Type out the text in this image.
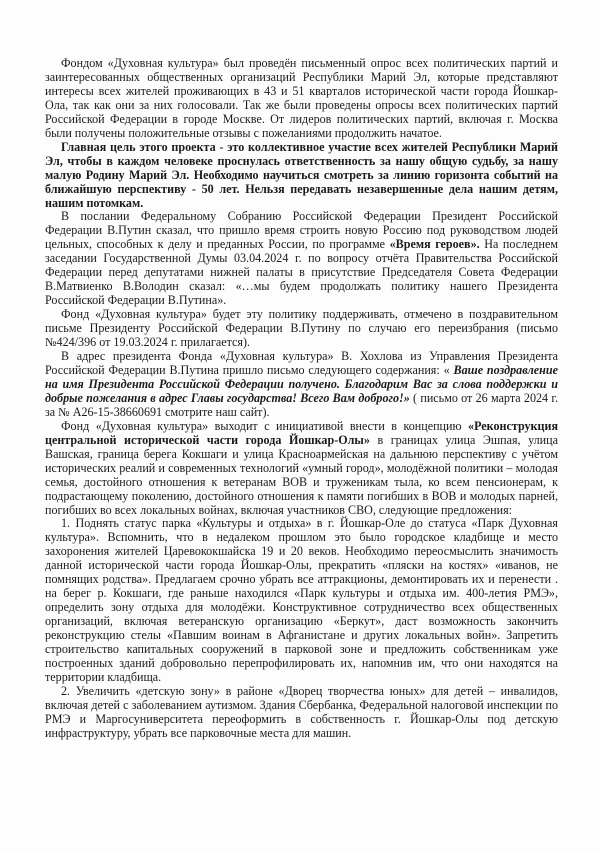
Фондом «Духовная культура» был проведён письменный опрос всех политических партий и заинтересованных общественных организаций Республики Марий Эл, которые представляют интересы всех жителей проживающих в 43 и 51 кварталов исторической части города Йошкар-Ола, так как они за них голосовали. Так же были проведены опросы всех политических партий Российской Федерации в городе Москве. От лидеров политических партий, включая г. Москва были получены положительные отзывы с пожеланиями продолжить начатое.

Главная цель этого проекта - это коллективное участие всех жителей Республики Марий Эл, чтобы в каждом человеке проснулась ответственность за нашу общую судьбу, за нашу малую Родину Марий Эл. Необходимо научиться смотреть за линию горизонта событий на ближайшую перспективу - 50 лет. Нельзя передавать незавершенные дела нашим детям, нашим потомкам.

В послании Федеральному Собранию Российской Федерации Президент Российской Федерации В.Путин сказал, что пришло время строить новую Россию под руководством людей цельных, способных к делу и преданных России, по программе «Время героев». На последнем заседании Государственной Думы 03.04.2024 г. по вопросу отчёта Правительства Российской Федерации перед депутатами нижней палаты в присутствие Председателя Совета Федерации В.Матвиенко В.Володин сказал: «…мы будем продолжать политику нашего Президента Российской Федерации В.Путина».

Фонд «Духовная культура» будет эту политику поддерживать, отмечено в поздравительном письме Президенту Российской Федерации В.Путину по случаю его переизбрания (письмо №424/396 от 19.03.2024 г. прилагается).

В адрес президента Фонда «Духовная культура» В. Хохлова из Управления Президента Российской Федерации В.Путина пришло письмо следующего содержания: « Ваше поздравление на имя Президента Российской Федерации получено. Благодарим Вас за слова поддержки и добрые пожелания в адрес Главы государства! Всего Вам доброго!» ( письмо от 26 марта 2024 г. за № А26-15-38660691 смотрите наш сайт).

Фонд «Духовная культура» выходит с инициативой внести в концепцию «Реконструкция центральной исторической части города Йошкар-Олы» в границах улица Эшпая, улица Вашская, граница берега Кокшаги и улица Красноармейская на дальнюю перспективу с учётом исторических реалий и современных технологий «умный город», молодёжной политики – молодая семья, достойного отношения к ветеранам ВОВ и труженикам тыла, ко всем пенсионерам, к подрастающему поколению, достойного отношения к памяти погибших в ВОВ и молодых парней, погибших во всех локальных войнах, включая участников СВО, следующие предложения:

1. Поднять статус парка «Культуры и отдыха» в г. Йошкар-Оле до статуса «Парк Духовная культура». Вспомнить, что в недалеком прошлом это было городское кладбище и место захоронения жителей Царевококшайска 19 и 20 веков. Необходимо переосмыслить значимость данной исторической части города Йошкар-Олы, прекратить «пляски на костях» «иванов, не помнящих родства». Предлагаем срочно убрать все аттракционы, демонтировать их и перенести . на берег р. Кокшаги, где раньше находился «Парк культуры и отдыха им. 400-летия РМЭ», определить зону отдыха для молодёжи. Конструктивное сотрудничество всех общественных организаций, включая ветеранскую организацию «Беркут», даст возможность закончить реконструкцию стелы «Павшим воинам в Афганистане и других локальных войн». Запретить строительство капитальных сооружений в парковой зоне и предложить собственникам уже построенных зданий добровольно перепрофилировать их, напомнив им, что они находятся на территории кладбища.

2. Увеличить «детскую зону» в районе «Дворец творчества юных» для детей – инвалидов, включая детей с заболеванием аутизмом. Здания Сбербанка, Федеральной налоговой инспекции по РМЭ и Маргосуниверситета переоформить в собственность г. Йошкар-Олы под детскую инфраструктуру, убрать все парковочные места для машин.
